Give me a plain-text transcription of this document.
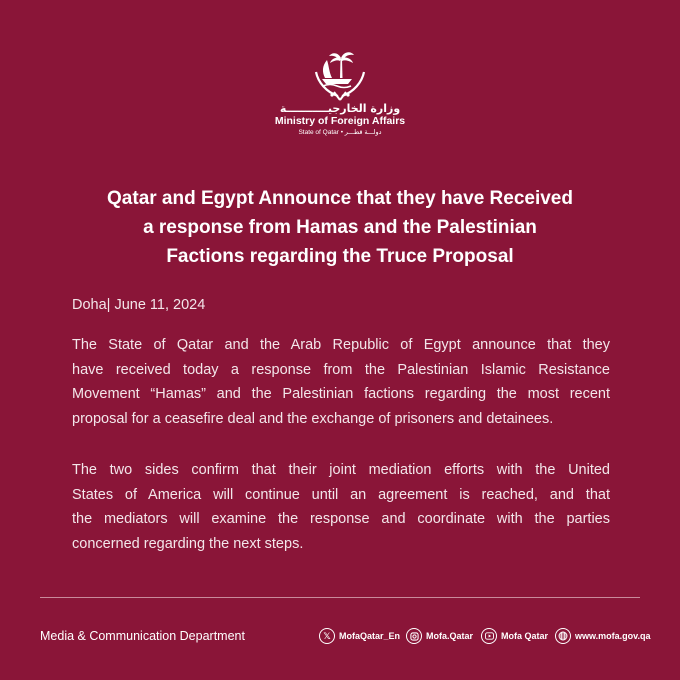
وزارة الخارجيـــــــــــة
Ministry of Foreign Affairs
State of Qatar • دولـــة قطـــر
Qatar and Egypt Announce that they have Received
a response from Hamas and the Palestinian
Factions regarding the Truce Proposal
Doha| June 11, 2024
The State of Qatar and the Arab Republic of Egypt announce that they
have received today a response from the Palestinian Islamic Resistance
Movement “Hamas” and the Palestinian factions regarding the most recent
proposal for a ceasefire deal and the exchange of prisoners and detainees.
The two sides confirm that their joint mediation efforts with the United
States of America will continue until an agreement is reached, and that
the mediators will examine the response and coordinate with the parties
concerned regarding the next steps.
Media & Communication Department	𝕏 MofaQatar_En	Mofa.Qatar	Mofa Qatar	www.mofa.gov.qa
